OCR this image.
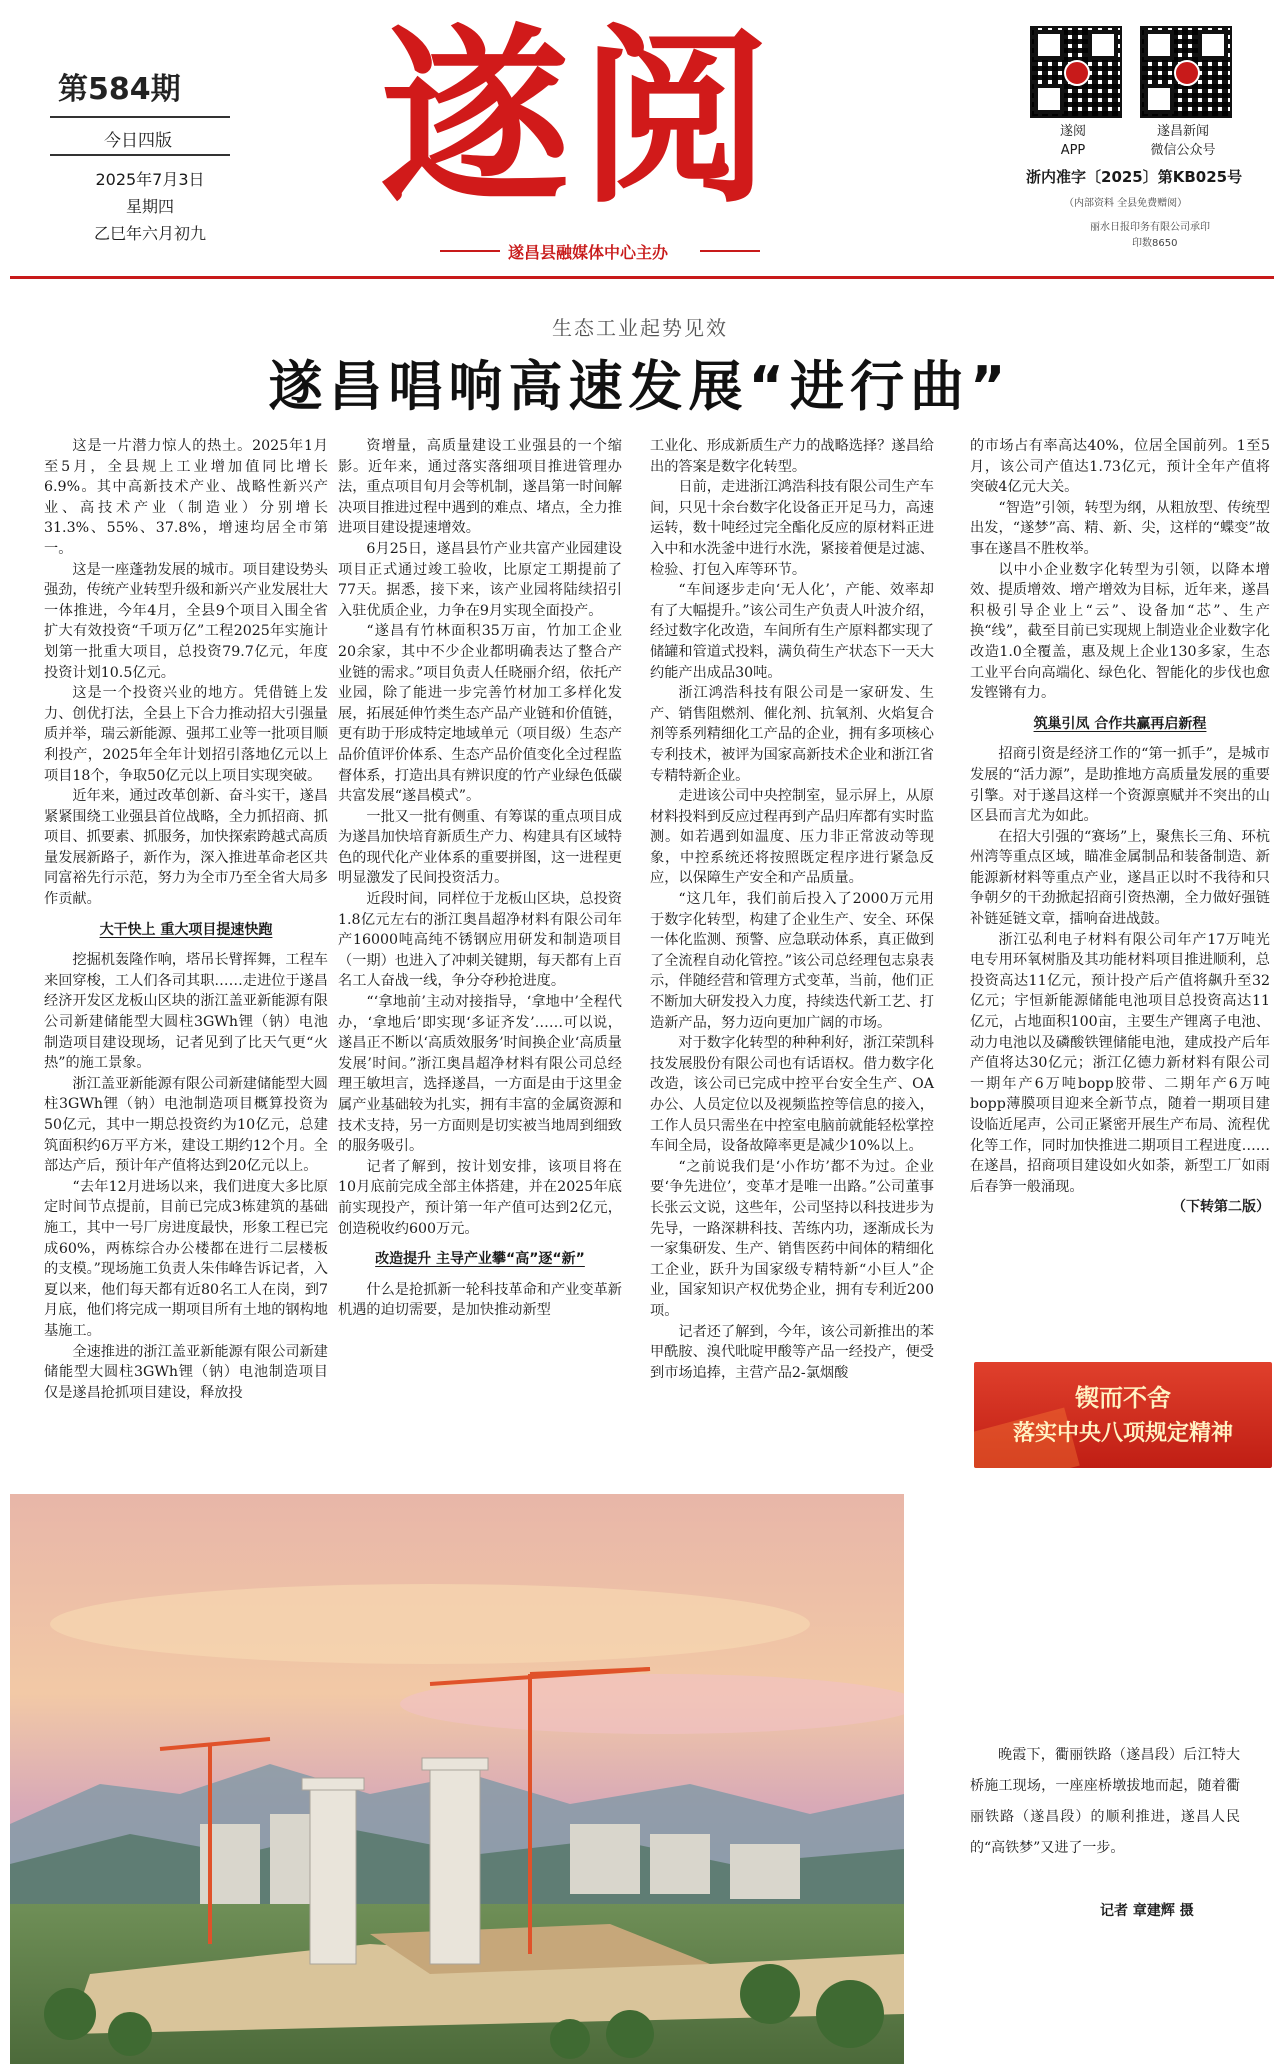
第584期
今日四版
2025年7月3日
星期四
乙巳年六月初九
遂阅
遂昌县融媒体中心主办
遂阅
APP
遂昌新闻
微信公众号
浙内准字〔2025〕第KB025号
（内部资料 全县免费赠阅）
丽水日报印务有限公司承印
印数8650
生态工业起势见效
遂昌唱响高速发展“进行曲”

这是一片潜力惊人的热土。2025年1月至5月，全县规上工业增加值同比增长6.9%。其中高新技术产业、战略性新兴产业、高技术产业（制造业）分别增长31.3%、55%、37.8%，增速均居全市第一。

这是一座蓬勃发展的城市。项目建设势头强劲，传统产业转型升级和新兴产业发展壮大一体推进，今年4月，全县9个项目入围全省扩大有效投资“千项万亿”工程2025年实施计划第一批重大项目，总投资79.7亿元，年度投资计划10.5亿元。

这是一个投资兴业的地方。凭借链上发力、创优打法，全县上下合力推动招大引强量质并举，瑞云新能源、强邦工业等一批项目顺利投产，2025年全年计划招引落地亿元以上项目18个，争取50亿元以上项目实现突破。

近年来，通过改革创新、奋斗实干，遂昌紧紧围绕工业强县首位战略，全力抓招商、抓项目、抓要素、抓服务，加快探索跨越式高质量发展新路子，新作为，深入推进革命老区共同富裕先行示范，努力为全市乃至全省大局多作贡献。

大干快上 重大项目提速快跑

挖掘机轰隆作响，塔吊长臂挥舞，工程车来回穿梭，工人们各司其职……走进位于遂昌经济开发区龙板山区块的浙江盖亚新能源有限公司新建储能型大圆柱3GWh锂（钠）电池制造项目建设现场，记者见到了比天气更“火热”的施工景象。

浙江盖亚新能源有限公司新建储能型大圆柱3GWh锂（钠）电池制造项目概算投资为50亿元，其中一期总投资约为10亿元，总建筑面积约6万平方米，建设工期约12个月。全部达产后，预计年产值将达到20亿元以上。

“去年12月进场以来，我们进度大多比原定时间节点提前，目前已完成3栋建筑的基础施工，其中一号厂房进度最快，形象工程已完成60%，两栋综合办公楼都在进行二层楼板的支模。”现场施工负责人朱伟峰告诉记者，入夏以来，他们每天都有近80名工人在岗，到7月底，他们将完成一期项目所有土地的钢构地基施工。

全速推进的浙江盖亚新能源有限公司新建储能型大圆柱3GWh锂（钠）电池制造项目仅是遂昌抢抓项目建设，释放投

资增量，高质量建设工业强县的一个缩影。近年来，通过落实落细项目推进管理办法，重点项目旬月会等机制，遂昌第一时间解决项目推进过程中遇到的难点、堵点，全力推进项目建设提速增效。

6月25日，遂昌县竹产业共富产业园建设项目正式通过竣工验收，比原定工期提前了77天。据悉，接下来，该产业园将陆续招引入驻优质企业，力争在9月实现全面投产。

“遂昌有竹林面积35万亩，竹加工企业20余家，其中不少企业都明确表达了整合产业链的需求。”项目负责人任晓丽介绍，依托产业园，除了能进一步完善竹材加工多样化发展，拓展延伸竹类生态产品产业链和价值链，更有助于形成特定地域单元（项目级）生态产品价值评价体系、生态产品价值变化全过程监督体系，打造出具有辨识度的竹产业绿色低碳共富发展“遂昌模式”。

一批又一批有侧重、有筹谋的重点项目成为遂昌加快培育新质生产力、构建具有区域特色的现代化产业体系的重要拼图，这一进程更明显激发了民间投资活力。

近段时间，同样位于龙板山区块，总投资1.8亿元左右的浙江奥昌超净材料有限公司年产16000吨高纯不锈钢应用研发和制造项目（一期）也进入了冲刺关键期，每天都有上百名工人奋战一线，争分夺秒抢进度。

“‘拿地前’主动对接指导，‘拿地中’全程代办，‘拿地后’即实现‘多证齐发’……可以说，遂昌正不断以‘高质效服务’时间换企业‘高质量发展’时间。”浙江奥昌超净材料有限公司总经理王敏坦言，选择遂昌，一方面是由于这里金属产业基础较为扎实，拥有丰富的金属资源和技术支持，另一方面则是切实被当地周到细致的服务吸引。

记者了解到，按计划安排，该项目将在10月底前完成全部主体搭建，并在2025年底前实现投产，预计第一年产值可达到2亿元，创造税收约600万元。

改造提升 主导产业攀“高”逐“新”

什么是抢抓新一轮科技革命和产业变革新机遇的迫切需要，是加快推动新型

工业化、形成新质生产力的战略选择？遂昌给出的答案是数字化转型。

日前，走进浙江鸿浩科技有限公司生产车间，只见十余台数字化设备正开足马力，高速运转，数十吨经过完全酯化反应的原材料正进入中和水洗釜中进行水洗，紧接着便是过滤、检验、打包入库等环节。

“车间逐步走向‘无人化’，产能、效率却有了大幅提升。”该公司生产负责人叶波介绍，经过数字化改造，车间所有生产原料都实现了储罐和管道式投料，满负荷生产状态下一天大约能产出成品30吨。

浙江鸿浩科技有限公司是一家研发、生产、销售阻燃剂、催化剂、抗氧剂、火焰复合剂等系列精细化工产品的企业，拥有多项核心专利技术，被评为国家高新技术企业和浙江省专精特新企业。

走进该公司中央控制室，显示屏上，从原材料投料到反应过程再到产品归库都有实时监测。如若遇到如温度、压力非正常波动等现象，中控系统还将按照既定程序进行紧急反应，以保障生产安全和产品质量。

“这几年，我们前后投入了2000万元用于数字化转型，构建了企业生产、安全、环保一体化监测、预警、应急联动体系，真正做到了全流程自动化管控。”该公司总经理包志泉表示，伴随经营和管理方式变革，当前，他们正不断加大研发投入力度，持续迭代新工艺、打造新产品，努力迈向更加广阔的市场。

对于数字化转型的种种利好，浙江荣凯科技发展股份有限公司也有话语权。借力数字化改造，该公司已完成中控平台安全生产、OA办公、人员定位以及视频监控等信息的接入，工作人员只需坐在中控室电脑前就能轻松掌控车间全局，设备故障率更是减少10%以上。

“之前说我们是‘小作坊’都不为过。企业要‘争先进位’，变革才是唯一出路。”公司董事长张云文说，这些年，公司坚持以科技进步为先导，一路深耕科技、苦练内功，逐渐成长为一家集研发、生产、销售医药中间体的精细化工企业，跃升为国家级专精特新“小巨人”企业，国家知识产权优势企业，拥有专利近200项。

记者还了解到，今年，该公司新推出的苯甲酰胺、溴代吡啶甲酸等产品一经投产，便受到市场追捧，主营产品2-氯烟酸

的市场占有率高达40%，位居全国前列。1至5月，该公司产值达1.73亿元，预计全年产值将突破4亿元大关。

“智造”引领，转型为纲，从粗放型、传统型出发，“遂梦”高、精、新、尖，这样的“蝶变”故事在遂昌不胜枚举。

以中小企业数字化转型为引领，以降本增效、提质增效、增产增效为目标，近年来，遂昌积极引导企业上“云”、设备加“芯”、生产换“线”，截至目前已实现规上制造业企业数字化改造1.0全覆盖，惠及规上企业130多家，生态工业平台向高端化、绿色化、智能化的步伐也愈发铿锵有力。

筑巢引凤 合作共赢再启新程

招商引资是经济工作的“第一抓手”，是城市发展的“活力源”，是助推地方高质量发展的重要引擎。对于遂昌这样一个资源禀赋并不突出的山区县而言尤为如此。

在招大引强的“赛场”上，聚焦长三角、环杭州湾等重点区域，瞄准金属制品和装备制造、新能源新材料等重点产业，遂昌正以时不我待和只争朝夕的干劲掀起招商引资热潮，全力做好强链补链延链文章，擂响奋进战鼓。

浙江弘利电子材料有限公司年产17万吨光电专用环氧树脂及其功能材料项目推进顺利，总投资高达11亿元，预计投产后产值将飙升至32亿元；宇恒新能源储能电池项目总投资高达11亿元，占地面积100亩，主要生产锂离子电池、动力电池以及磷酸铁锂储能电池，建成投产后年产值将达30亿元；浙江亿德力新材料有限公司一期年产6万吨bopp胶带、二期年产6万吨bopp薄膜项目迎来全新节点，随着一期项目建设临近尾声，公司正紧密开展生产布局、流程优化等工作，同时加快推进二期项目工程进度……在遂昌，招商项目建设如火如荼，新型工厂如雨后春笋一般涌现。

（下转第二版）
锲而不舍
落实中央八项规定精神

晚霞下，衢丽铁路（遂昌段）后江特大桥施工现场，一座座桥墩拔地而起，随着衢丽铁路（遂昌段）的顺利推进，遂昌人民的“高铁梦”又进了一步。

记者 章建辉 摄
